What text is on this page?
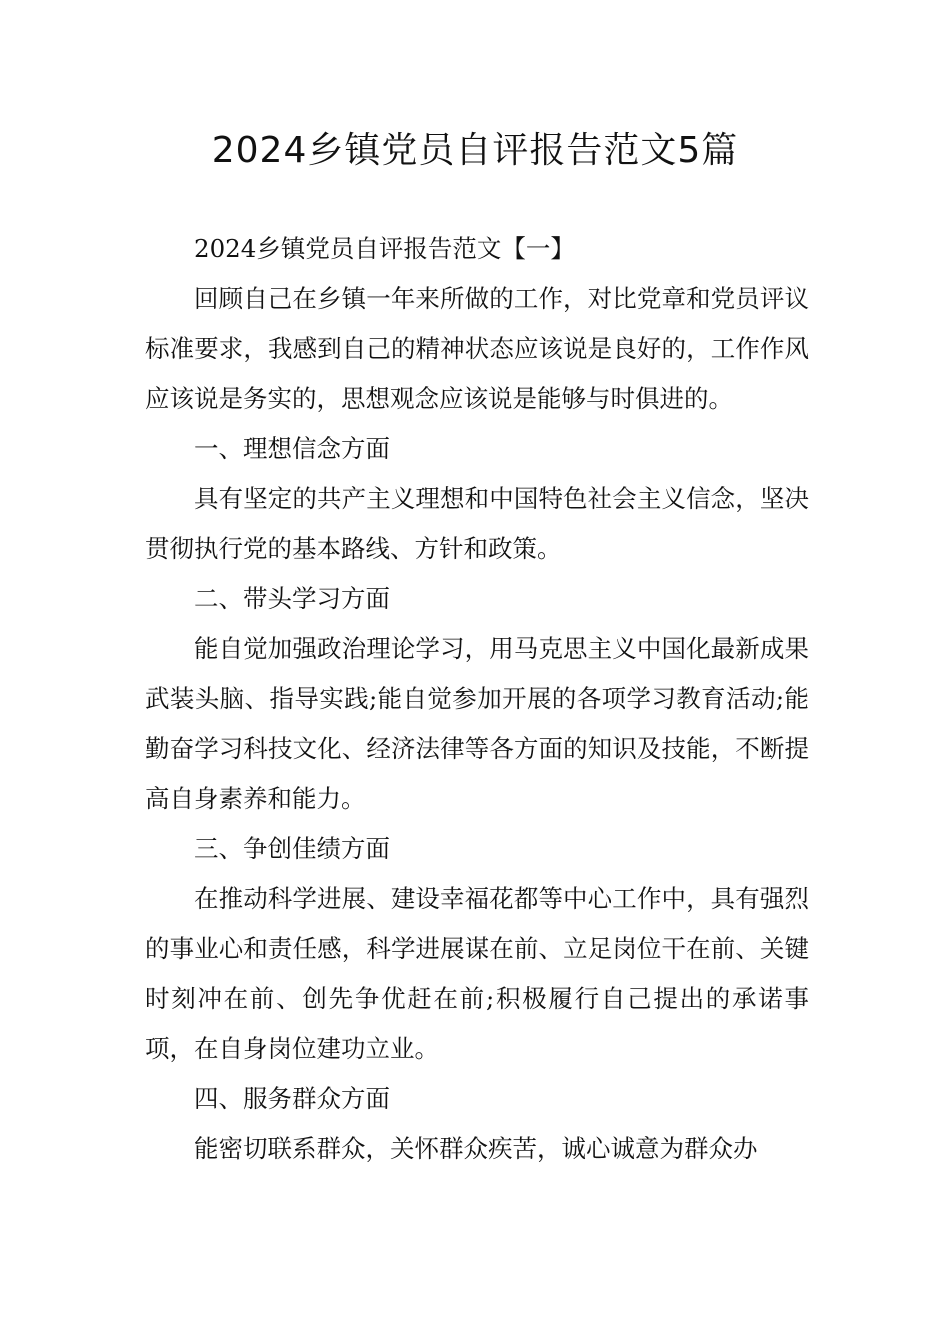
2024乡镇党员自评报告范文5篇

2024乡镇党员自评报告范文【一】

回顾自己在乡镇一年来所做的工作，对比党章和党员评议标准要求，我感到自己的精神状态应该说是良好的，工作作风应该说是务实的，思想观念应该说是能够与时俱进的。

一、理想信念方面

具有坚定的共产主义理想和中国特色社会主义信念，坚决贯彻执行党的基本路线、方针和政策。

二、带头学习方面

能自觉加强政治理论学习，用马克思主义中国化最新成果武装头脑、指导实践;能自觉参加开展的各项学习教育活动;能勤奋学习科技文化、经济法律等各方面的知识及技能，不断提高自身素养和能力。

三、争创佳绩方面

在推动科学进展、建设幸福花都等中心工作中，具有强烈的事业心和责任感，科学进展谋在前、立足岗位干在前、关键时刻冲在前、创先争优赶在前;积极履行自己提出的承诺事项，在自身岗位建功立业。

四、服务群众方面

能密切联系群众，关怀群众疾苦，诚心诚意为群众办
